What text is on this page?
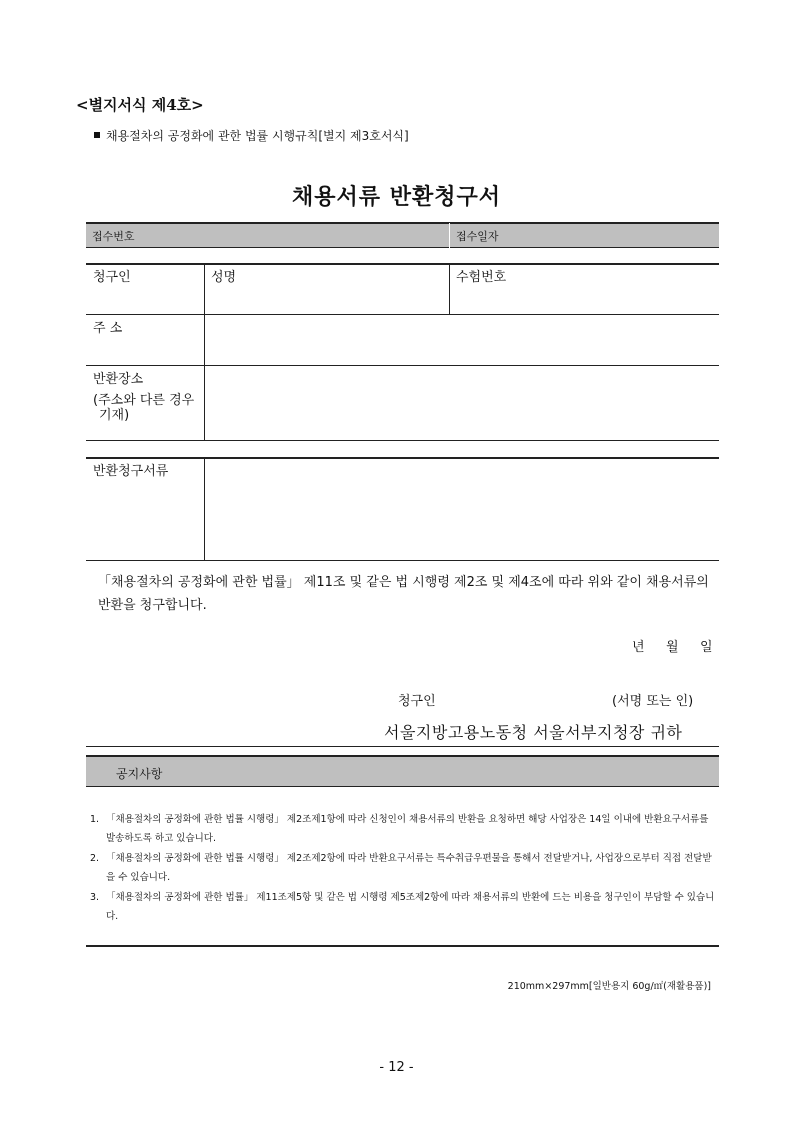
<별지서식 제4호>
채용절차의 공정화에 관한 법률 시행규칙[별지 제3호서식]
채용서류 반환청구서
접수번호	접수일자
청구인	성명	수험번호
주 소
반환장소
(주소와 다른 경우
기재)
반환청구서류
「채용절차의 공정화에 관한 법률」 제11조 및 같은 법 시행령 제2조 및 제4조에 따라 위와 같이 채용서류의 반환을 청구합니다.
년 월 일
청구인	(서명 또는 인)
서울지방고용노동청 서울서부지청장 귀하
공지사항
1. 「채용절차의 공정화에 관한 법률 시행령」 제2조제1항에 따라 신청인이 채용서류의 반환을 요청하면 해당 사업장은 14일 이내에 반환요구서류를 발송하도록 하고 있습니다.
2. 「채용절차의 공정화에 관한 법률 시행령」 제2조제2항에 따라 반환요구서류는 특수취급우편물을 통해서 전달받거나, 사업장으로부터 직접 전달받을 수 있습니다.
3. 「채용절차의 공정화에 관한 법률」 제11조제5항 및 같은 법 시행령 제5조제2항에 따라 채용서류의 반환에 드는 비용을 청구인이 부담할 수 있습니다.
210mm×297mm[일반용지 60g/㎡(재활용품)]
- 12 -
